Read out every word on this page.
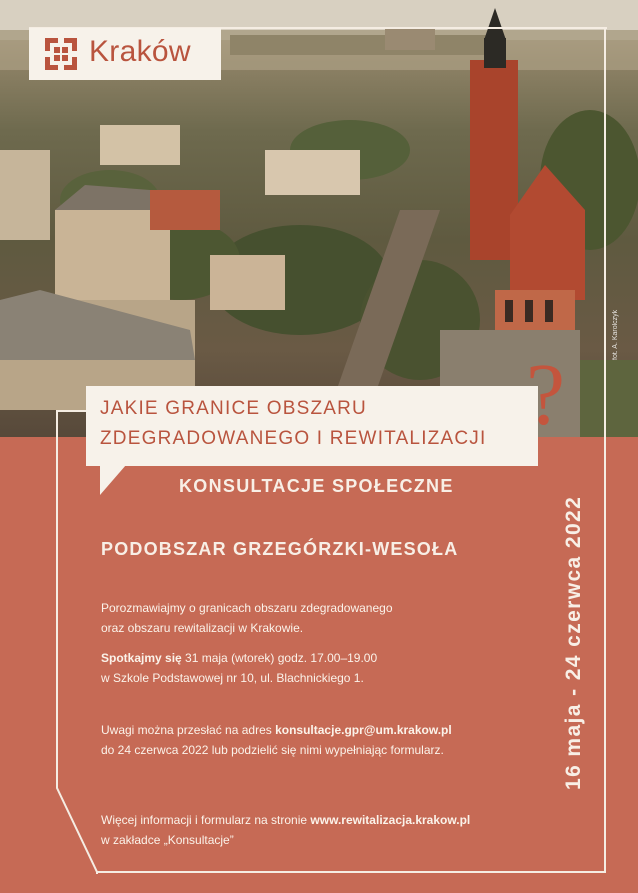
fot. A. Karolczyk
Kraków
JAKIE GRANICE OBSZARU
ZDEGRADOWANEGO I REWITALIZACJI ?
KONSULTACJE SPOŁECZNE
PODOBSZAR GRZEGÓRZKI-WESOŁA
Porozmawiajmy o granicach obszaru zdegradowanego
oraz obszaru rewitalizacji w Krakowie.
Spotkajmy się 31 maja (wtorek) godz. 17.00–19.00
w Szkole Podstawowej nr 10, ul. Blachnickiego 1.
Uwagi można przesłać na adres konsultacje.gpr@um.krakow.pl
do 24 czerwca 2022 lub podzielić się nimi wypełniając formularz.
Więcej informacji i formularz na stronie www.rewitalizacja.krakow.pl
w zakładce „Konsultacje”
16 maja - 24 czerwca 2022
